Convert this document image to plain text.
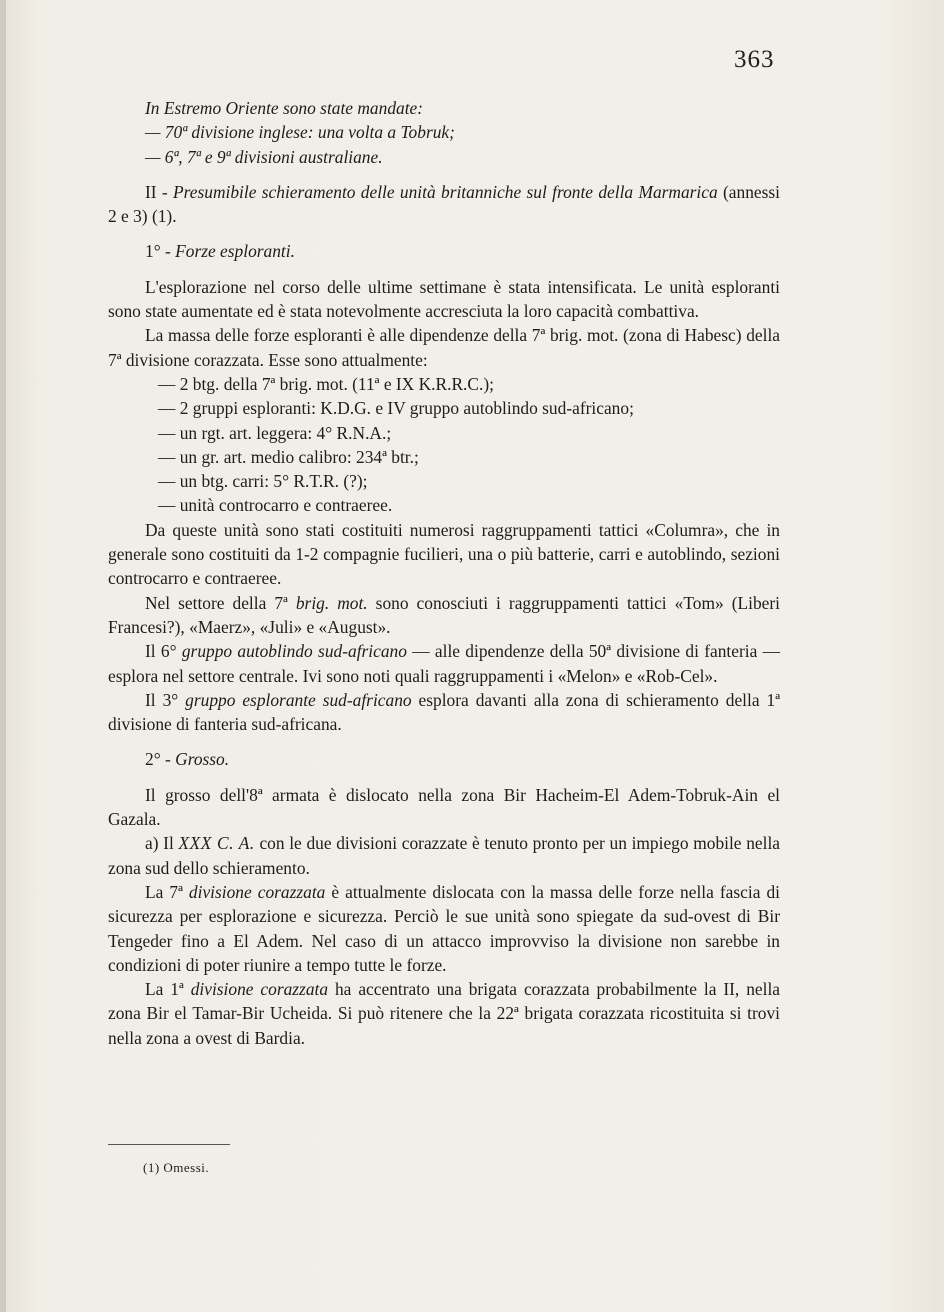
363

In Estremo Oriente sono state mandate:

— 70ª divisione inglese: una volta a Tobruk;

— 6ª, 7ª e 9ª divisioni australiane.

II - Presumibile schieramento delle unità britanniche sul fronte della Marmarica (annessi 2 e 3) (1).

1° - Forze esploranti.

L'esplorazione nel corso delle ultime settimane è stata intensificata. Le unità esploranti sono state aumentate ed è stata notevolmente accresciuta la loro capacità combattiva.

La massa delle forze esploranti è alle dipendenze della 7ª brig. mot. (zona di Habesc) della 7ª divisione corazzata. Esse sono attualmente:

— 2 btg. della 7ª brig. mot. (11ª e IX K.R.R.C.);

— 2 gruppi esploranti: K.D.G. e IV gruppo autoblindo sud-africano;

— un rgt. art. leggera: 4° R.N.A.;

— un gr. art. medio calibro: 234ª btr.;

— un btg. carri: 5° R.T.R. (?);

— unità controcarro e contraeree.

Da queste unità sono stati costituiti numerosi raggruppamenti tattici «Columra», che in generale sono costituiti da 1-2 compagnie fucilieri, una o più batterie, carri e autoblindo, sezioni controcarro e contraeree.

Nel settore della 7ª brig. mot. sono conosciuti i raggruppamenti tattici «Tom» (Liberi Francesi?), «Maerz», «Juli» e «August».

Il 6° gruppo autoblindo sud-africano — alle dipendenze della 50ª divisione di fanteria — esplora nel settore centrale. Ivi sono noti quali raggruppamenti i «Melon» e «Rob-Cel».

Il 3° gruppo esplorante sud-africano esplora davanti alla zona di schieramento della 1ª divisione di fanteria sud-africana.

2° - Grosso.

Il grosso dell'8ª armata è dislocato nella zona Bir Hacheim-El Adem-Tobruk-Ain el Gazala.

a) Il XXX C. A. con le due divisioni corazzate è tenuto pronto per un impiego mobile nella zona sud dello schieramento.

La 7ª divisione corazzata è attualmente dislocata con la massa delle forze nella fascia di sicurezza per esplorazione e sicurezza. Perciò le sue unità sono spiegate da sud-ovest di Bir Tengeder fino a El Adem. Nel caso di un attacco improvviso la divisione non sarebbe in condizioni di poter riunire a tempo tutte le forze.

La 1ª divisione corazzata ha accentrato una brigata corazzata probabilmente la II, nella zona Bir el Tamar-Bir Ucheida. Si può ritenere che la 22ª brigata corazzata ricostituita si trovi nella zona a ovest di Bardia.

(1) Omessi.
